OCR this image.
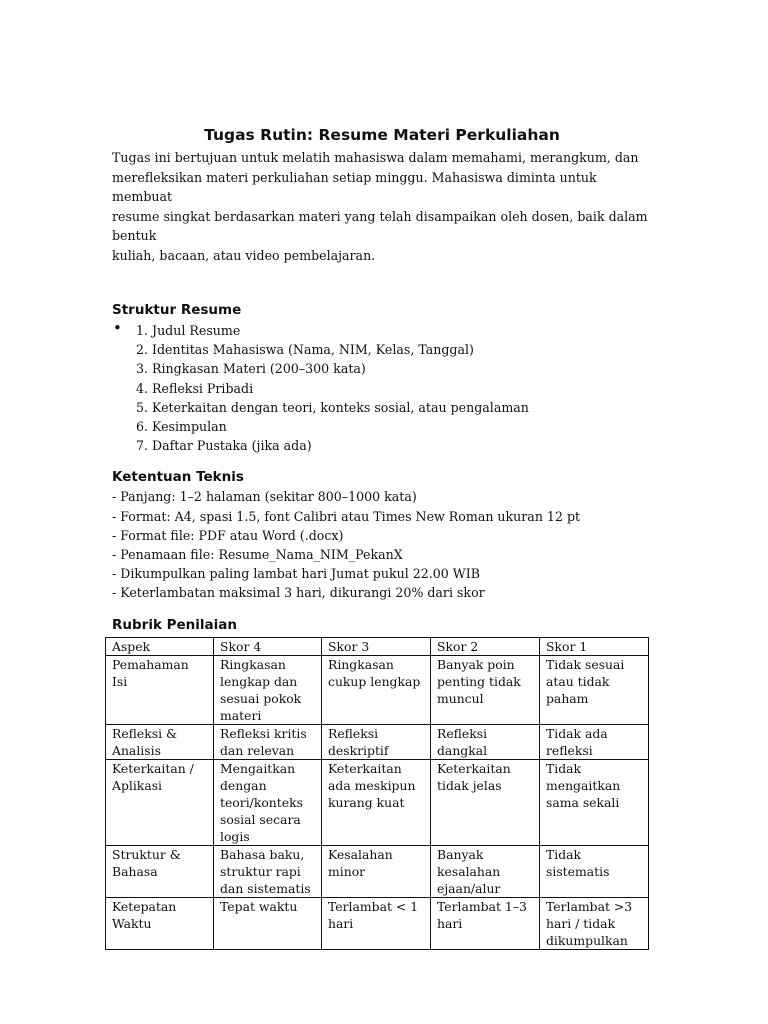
Tugas Rutin: Resume Materi Perkuliahan

Tugas ini bertujuan untuk melatih mahasiswa dalam memahami, merangkum, dan
merefleksikan materi perkuliahan setiap minggu. Mahasiswa diminta untuk membuat
resume singkat berdasarkan materi yang telah disampaikan oleh dosen, baik dalam bentuk
kuliah, bacaan, atau video pembelajaran.

Struktur Resume
• 1. Judul Resume
2. Identitas Mahasiswa (Nama, NIM, Kelas, Tanggal)
3. Ringkasan Materi (200–300 kata)
4. Refleksi Pribadi
5. Keterkaitan dengan teori, konteks sosial, atau pengalaman
6. Kesimpulan
7. Daftar Pustaka (jika ada)
Ketentuan Teknis
- Panjang: 1–2 halaman (sekitar 800–1000 kata)
- Format: A4, spasi 1.5, font Calibri atau Times New Roman ukuran 12 pt
- Format file: PDF atau Word (.docx)
- Penamaan file: Resume_Nama_NIM_PekanX
- Dikumpulkan paling lambat hari Jumat pukul 22.00 WIB
- Keterlambatan maksimal 3 hari, dikurangi 20% dari skor
Rubrik Penilaian
Aspek	Skor 4	Skor 3	Skor 2	Skor 1
Pemahaman Isi	Ringkasan lengkap dan sesuai pokok materi	Ringkasan cukup lengkap	Banyak poin penting tidak muncul	Tidak sesuai atau tidak paham
Refleksi & Analisis	Refleksi kritis dan relevan	Refleksi deskriptif	Refleksi dangkal	Tidak ada refleksi
Keterkaitan / Aplikasi	Mengaitkan dengan teori/konteks sosial secara logis	Keterkaitan ada meskipun kurang kuat	Keterkaitan tidak jelas	Tidak mengaitkan sama sekali
Struktur & Bahasa	Bahasa baku, struktur rapi dan sistematis	Kesalahan minor	Banyak kesalahan ejaan/alur	Tidak sistematis
Ketepatan Waktu	Tepat waktu	Terlambat < 1 hari	Terlambat 1–3 hari	Terlambat >3 hari / tidak dikumpulkan
